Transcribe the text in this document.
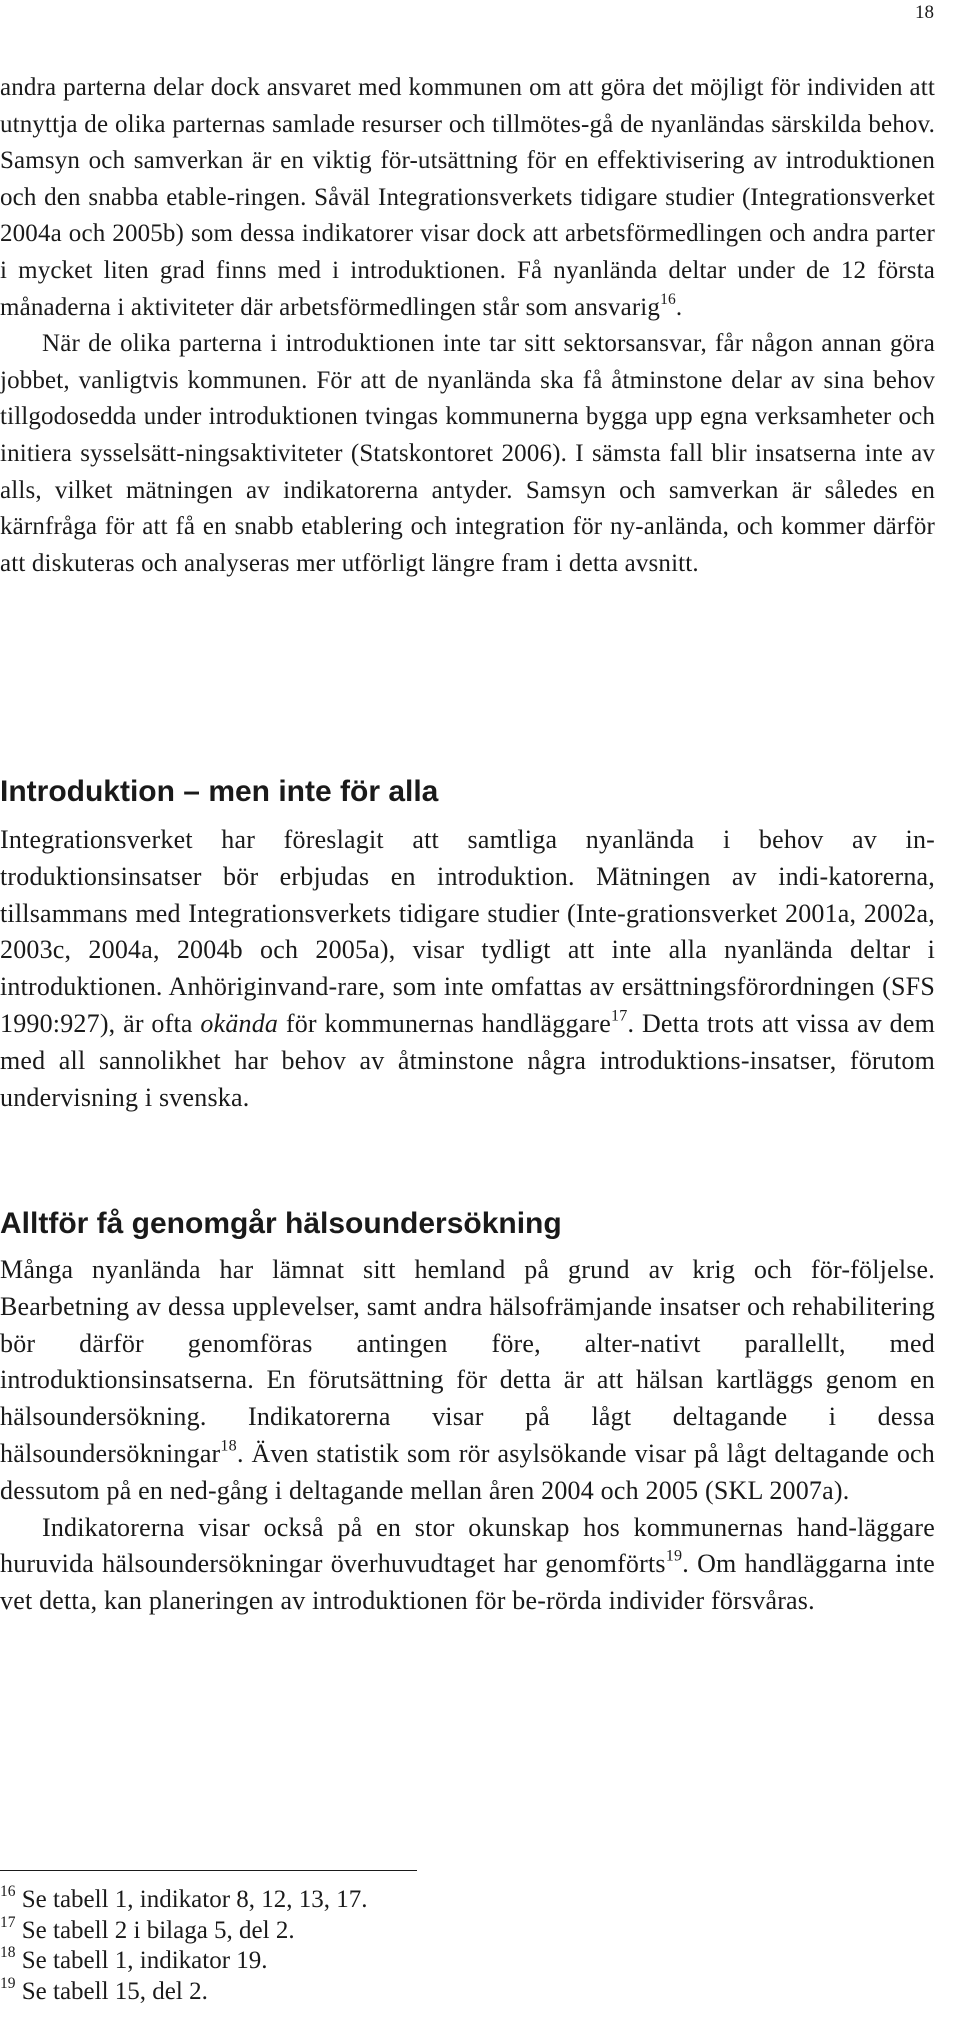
18

andra parterna delar dock ansvaret med kommunen om att göra det möjligt för individen att utnyttja de olika parternas samlade resurser och tillmötes-gå de nyanländas särskilda behov. Samsyn och samverkan är en viktig för-utsättning för en effektivisering av introduktionen och den snabba etable-ringen. Såväl Integrationsverkets tidigare studier (Integrationsverket 2004a och 2005b) som dessa indikatorer visar dock att arbetsförmedlingen och andra parter i mycket liten grad finns med i introduktionen. Få nyanlända deltar under de 12 första månaderna i aktiviteter där arbetsförmedlingen står som ansvarig$^{16}$.

När de olika parterna i introduktionen inte tar sitt sektorsansvar, får någon annan göra jobbet, vanligtvis kommunen. För att de nyanlända ska få åtminstone delar av sina behov tillgodosedda under introduktionen tvingas kommunerna bygga upp egna verksamheter och initiera sysselsätt-ningsaktiviteter (Statskontoret 2006). I sämsta fall blir insatserna inte av alls, vilket mätningen av indikatorerna antyder. Samsyn och samverkan är således en kärnfråga för att få en snabb etablering och integration för ny-anlända, och kommer därför att diskuteras och analyseras mer utförligt längre fram i detta avsnitt.

Introduktion – men inte för alla

Integrationsverket har föreslagit att samtliga nyanlända i behov av in-troduktionsinsatser bör erbjudas en introduktion. Mätningen av indi-katorerna, tillsammans med Integrationsverkets tidigare studier (Inte-grationsverket 2001a, 2002a, 2003c, 2004a, 2004b och 2005a), visar tydligt att inte alla nyanlända deltar i introduktionen. Anhöriginvand-rare, som inte omfattas av ersättningsförordningen (SFS 1990:927), är ofta okända för kommunernas handläggare$^{17}$. Detta trots att vissa av dem med all sannolikhet har behov av åtminstone några introduktions-insatser, förutom undervisning i svenska.

Alltför få genomgår hälsoundersökning

Många nyanlända har lämnat sitt hemland på grund av krig och för-följelse. Bearbetning av dessa upplevelser, samt andra hälsofrämjande insatser och rehabilitering bör därför genomföras antingen före, alter-nativt parallellt, med introduktionsinsatserna. En förutsättning för detta är att hälsan kartläggs genom en hälsoundersökning. Indikatorerna visar på lågt deltagande i dessa hälsoundersökningar$^{18}$. Även statistik som rör asylsökande visar på lågt deltagande och dessutom på en ned-gång i deltagande mellan åren 2004 och 2005 (SKL 2007a).

Indikatorerna visar också på en stor okunskap hos kommunernas hand-läggare huruvida hälsoundersökningar överhuvudtaget har genomförts$^{19}$. Om handläggarna inte vet detta, kan planeringen av introduktionen för be-rörda individer försvåras.

$^{16}$ Se tabell 1, indikator 8, 12, 13, 17.

$^{17}$ Se tabell 2 i bilaga 5, del 2.

$^{18}$ Se tabell 1, indikator 19.

$^{19}$ Se tabell 15, del 2.
